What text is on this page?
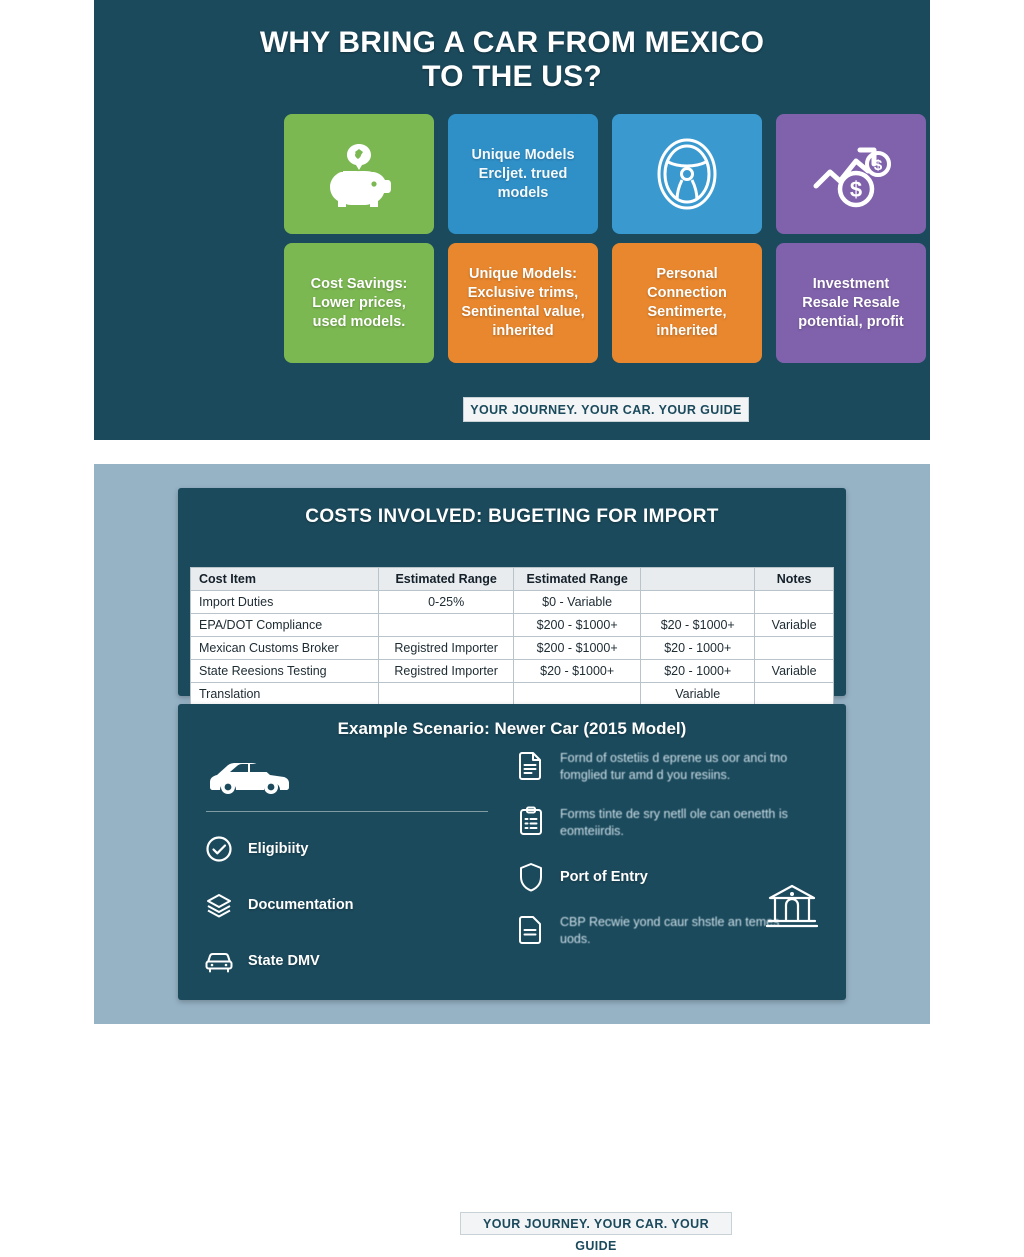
WHY BRING A CAR FROM MEXICO
TO THE US?
Unique Models
Ercljet. trued
models
$
$
Cost Savings:
Lower prices,
used models.
Unique Models:
Exclusive trims,
Sentinental value,
inherited
Personal
Connection
Sentimerte,
inherited
Investment
Resale Resale
potential, profit
YOUR JOURNEY. YOUR CAR. YOUR GUIDE
COSTS INVOLVED: BUGETING FOR IMPORT
Cost Item	Estimated Range	Estimated Range		Notes
Import Duties	0-25%	$0 - Variable		
EPA/DOT Compliance		$200 - $1000+	$20 - $1000+	Variable
Mexican Customs Broker	Registred Importer	$200 - $1000+	$20 - 1000+	
State Reesions Testing	Registred Importer	$20 - $1000+	$20 - 1000+	Variable
Translation			Variable	
Example Scenario: Newer Car (2015 Model)
Eligibiity
Documentation
State DMV
Fornd of ostetiis d eprene us oor anci tno fomglied tur amd d you resiins.
Forms tinte de sry netll ole can oenetth is eomteiirdis.
Port of Entry
CBP Recwie yond caur shstle an temes uods.
YOUR JOURNEY. YOUR CAR. YOUR GUIDE
